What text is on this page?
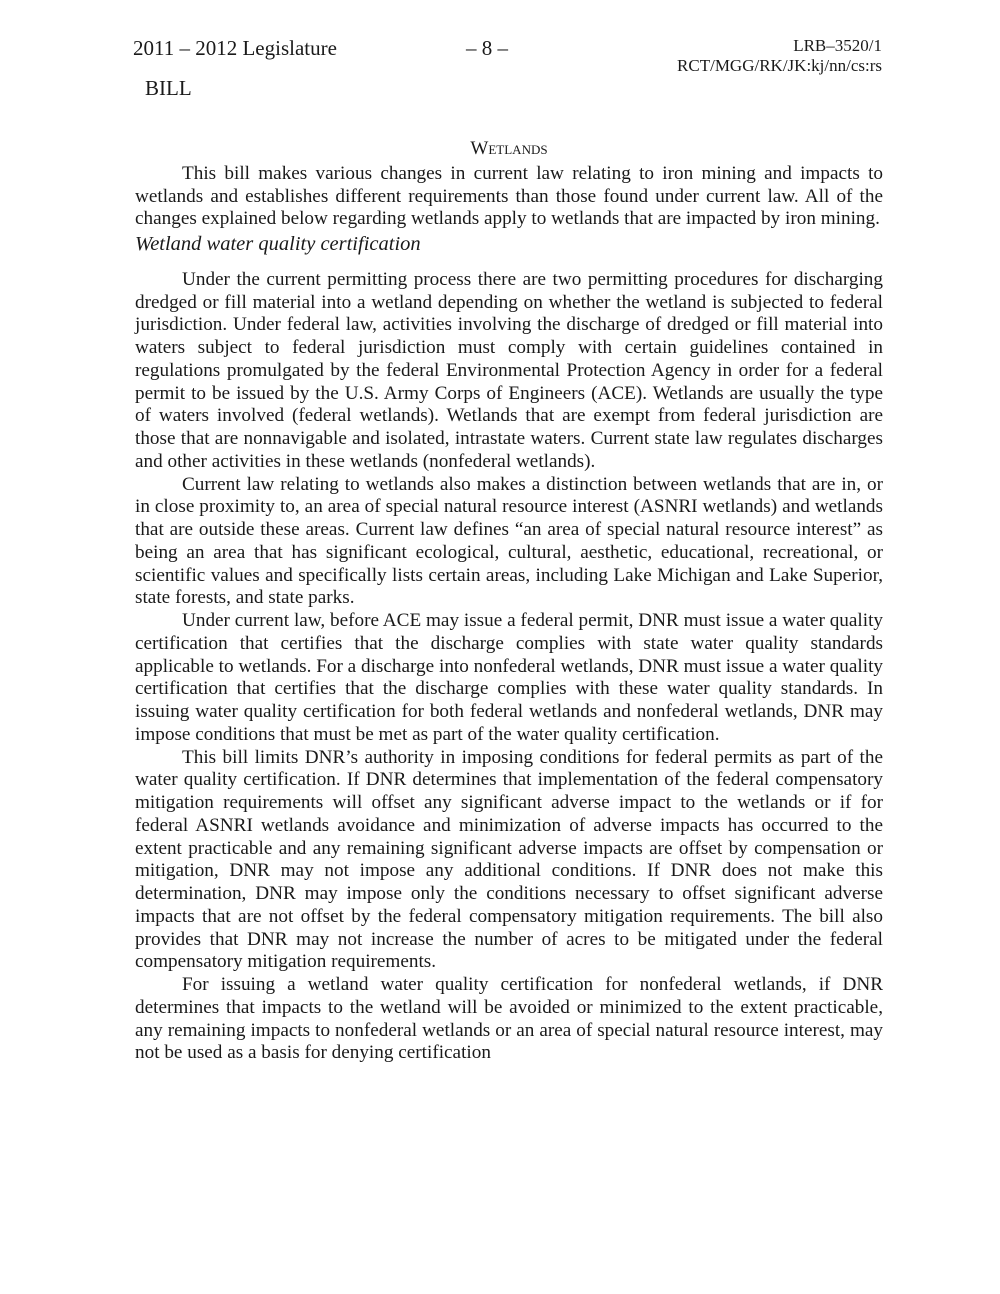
2011 – 2012 Legislature	– 8 –	LRB–3520/1
RCT/MGG/RK/JK:kj/nn/cs:rs
BILL
Wetlands

This bill makes various changes in current law relating to iron mining and impacts to wetlands and establishes different requirements than those found under current law. All of the changes explained below regarding wetlands apply to wetlands that are impacted by iron mining.

Wetland water quality certification

Under the current permitting process there are two permitting procedures for discharging dredged or fill material into a wetland depending on whether the wetland is subjected to federal jurisdiction. Under federal law, activities involving the discharge of dredged or fill material into waters subject to federal jurisdiction must comply with certain guidelines contained in regulations promulgated by the federal Environmental Protection Agency in order for a federal permit to be issued by the U.S. Army Corps of Engineers (ACE). Wetlands are usually the type of waters involved (federal wetlands). Wetlands that are exempt from federal jurisdiction are those that are nonnavigable and isolated, intrastate waters. Current state law regulates discharges and other activities in these wetlands (nonfederal wetlands).

Current law relating to wetlands also makes a distinction between wetlands that are in, or in close proximity to, an area of special natural resource interest (ASNRI wetlands) and wetlands that are outside these areas. Current law defines “an area of special natural resource interest” as being an area that has significant ecological, cultural, aesthetic, educational, recreational, or scientific values and specifically lists certain areas, including Lake Michigan and Lake Superior, state forests, and state parks.

Under current law, before ACE may issue a federal permit, DNR must issue a water quality certification that certifies that the discharge complies with state water quality standards applicable to wetlands. For a discharge into nonfederal wetlands, DNR must issue a water quality certification that certifies that the discharge complies with these water quality standards. In issuing water quality certification for both federal wetlands and nonfederal wetlands, DNR may impose conditions that must be met as part of the water quality certification.

This bill limits DNR’s authority in imposing conditions for federal permits as part of the water quality certification. If DNR determines that implementation of the federal compensatory mitigation requirements will offset any significant adverse impact to the wetlands or if for federal ASNRI wetlands avoidance and minimization of adverse impacts has occurred to the extent practicable and any remaining significant adverse impacts are offset by compensation or mitigation, DNR may not impose any additional conditions. If DNR does not make this determination, DNR may impose only the conditions necessary to offset significant adverse impacts that are not offset by the federal compensatory mitigation requirements. The bill also provides that DNR may not increase the number of acres to be mitigated under the federal compensatory mitigation requirements.

For issuing a wetland water quality certification for nonfederal wetlands, if DNR determines that impacts to the wetland will be avoided or minimized to the extent practicable, any remaining impacts to nonfederal wetlands or an area of special natural resource interest, may not be used as a basis for denying certification
